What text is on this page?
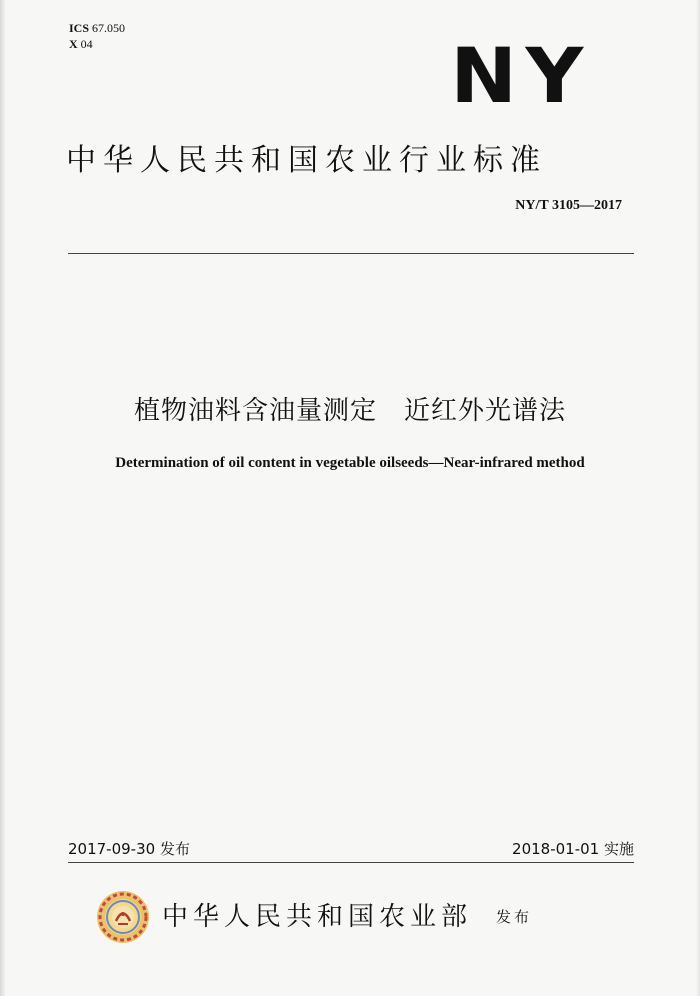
ICS 67.050
X 04	NY
中华人民共和国农业行业标准
NY/T 3105—2017
植物油料含油量测定　近红外光谱法
Determination of oil content in vegetable oilseeds—Near-infrared method
2017-09-30 发布	2018-01-01 实施
中华人民共和国农业部 发布
